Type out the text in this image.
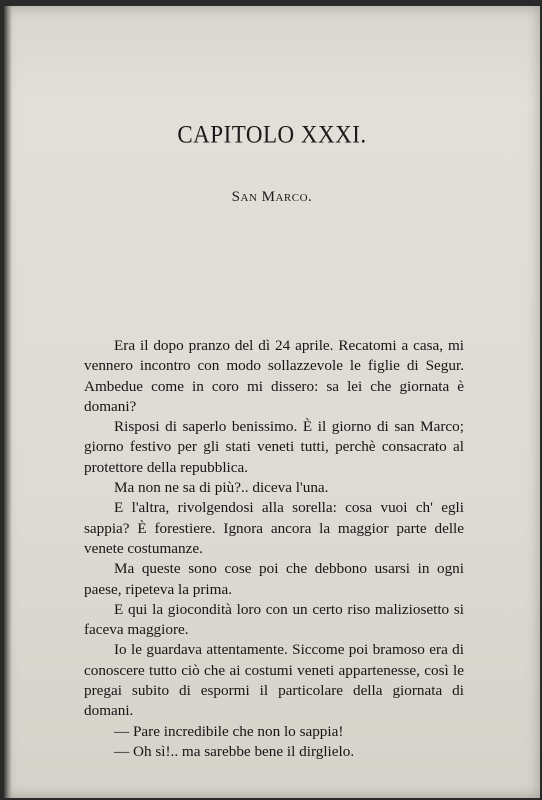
CAPITOLO XXXI.
San Marco.

Era il dopo pranzo del dì 24 aprile. Recatomi a casa, mi vennero incontro con modo sollazzevole le figlie di Segur. Ambedue come in coro mi dissero: sa lei che giornata è domani?

Risposi di saperlo benissimo. È il giorno di san Marco; giorno festivo per gli stati veneti tutti, perchè consacrato al protettore della repubblica.

Ma non ne sa di più?.. diceva l'una.

E l'altra, rivolgendosi alla sorella: cosa vuoi ch' egli sappia? È forestiere. Ignora ancora la maggior parte delle venete costumanze.

Ma queste sono cose poi che debbono usarsi in ogni paese, ripeteva la prima.

E qui la giocondità loro con un certo riso maliziosetto si faceva maggiore.

Io le guardava attentamente. Siccome poi bramoso era di conoscere tutto ciò che ai costumi veneti appartenesse, così le pregai subito di espormi il particolare della giornata di domani.

— Pare incredibile che non lo sappia!

— Oh sì!.. ma sarebbe bene il dirglielo.
